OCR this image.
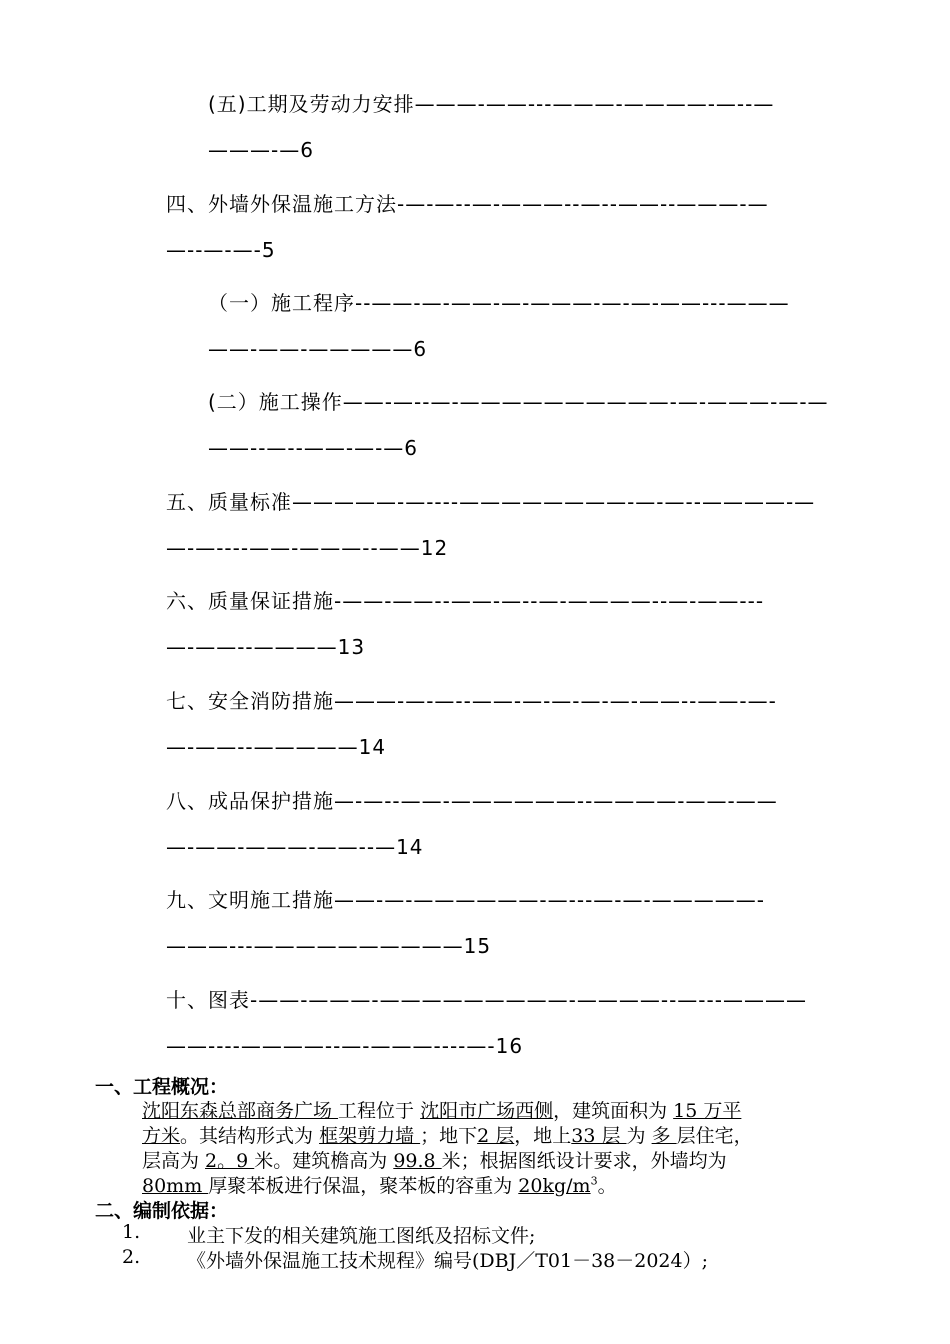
(五)工期及劳动力安排———-——---———-————-—--—
———-—6
四、外墙外保温施工方法-—-—--—-———--—--——--———-—
—--—-—-5
（一）施工程序--——-—-——-—-———-—-—-——---———
——-——-—————6
(二）施工操作——-—--—-——————————-—-———-—-—
——--—--——-—-—6
五、质量标准—————-—----————————-—-—--————-—
—-—----——-———--——12
六、质量保证措施-——-——--——-—--—-————--—-——---
—-——--————13
七、安全消防措施———-—-—--——-—-—-—-—-——--——-—-
—-——--—————14
八、成品保护措施—-—--——-——————--————-——-——
—-——-———-——--—14
九、文明施工措施——-—-——————-—---—-—-—————-
———---——————————15
十、图表-——-———-—————————-————--—---————
——----————--—-———----—-16
一、工程概况：
沈阳东森总部商务广场 工程位于 沈阳市广场西侧，建筑面积为 15 万平
方米。其结构形式为 框架剪力墙 ；地下2 层，地上33 层 为 多 层住宅，
层高为 2。9 米。建筑檐高为 99.8 米；根据图纸设计要求，外墙均为
80mm 厚聚苯板进行保温，聚苯板的容重为 $20kg/m^3$。
二、编制依据：
1. 业主下发的相关建筑施工图纸及招标文件;
2. 《外墙外保温施工技术规程》编号(DBJ／T01－38－2024）;
